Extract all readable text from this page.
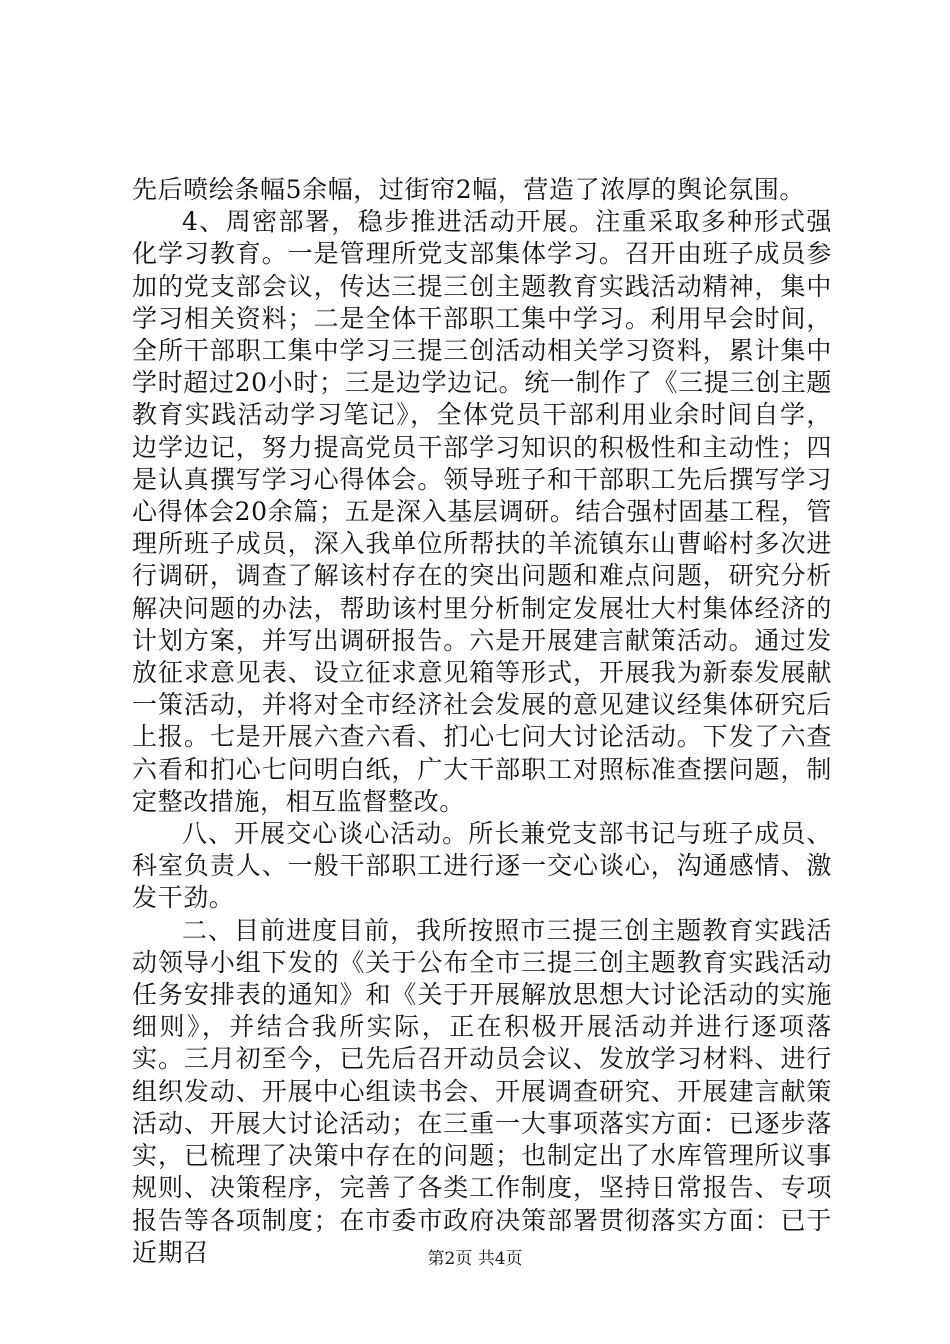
先后喷绘条幅5余幅，过街帘2幅，营造了浓厚的舆论氛围。

4、周密部署，稳步推进活动开展。注重采取多种形式强化学习教育。一是管理所党支部集体学习。召开由班子成员参加的党支部会议，传达三提三创主题教育实践活动精神，集中学习相关资料；二是全体干部职工集中学习。利用早会时间，全所干部职工集中学习三提三创活动相关学习资料，累计集中学时超过20小时；三是边学边记。统一制作了《三提三创主题教育实践活动学习笔记》，全体党员干部利用业余时间自学，边学边记，努力提高党员干部学习知识的积极性和主动性；四是认真撰写学习心得体会。领导班子和干部职工先后撰写学习心得体会20余篇；五是深入基层调研。结合强村固基工程，管理所班子成员，深入我单位所帮扶的羊流镇东山曹峪村多次进行调研，调查了解该村存在的突出问题和难点问题，研究分析解决问题的办法，帮助该村里分析制定发展壮大村集体经济的计划方案，并写出调研报告。六是开展建言献策活动。通过发放征求意见表、设立征求意见箱等形式，开展我为新泰发展献一策活动，并将对全市经济社会发展的意见建议经集体研究后上报。七是开展六查六看、扪心七问大讨论活动。下发了六查六看和扪心七问明白纸，广大干部职工对照标准查摆问题，制定整改措施，相互监督整改。

八、开展交心谈心活动。所长兼党支部书记与班子成员、科室负责人、一般干部职工进行逐一交心谈心，沟通感情、激发干劲。

二、目前进度目前，我所按照市三提三创主题教育实践活动领导小组下发的《关于公布全市三提三创主题教育实践活动任务安排表的通知》和《关于开展解放思想大讨论活动的实施细则》，并结合我所实际，正在积极开展活动并进行逐项落实。三月初至今，已先后召开动员会议、发放学习材料、进行组织发动、开展中心组读书会、开展调查研究、开展建言献策活动、开展大讨论活动；在三重一大事项落实方面：已逐步落实，已梳理了决策中存在的问题；也制定出了水库管理所议事规则、决策程序，完善了各类工作制度，坚持日常报告、专项报告等各项制度；在市委市政府决策部署贯彻落实方面：已于近期召	第2页 共4页
